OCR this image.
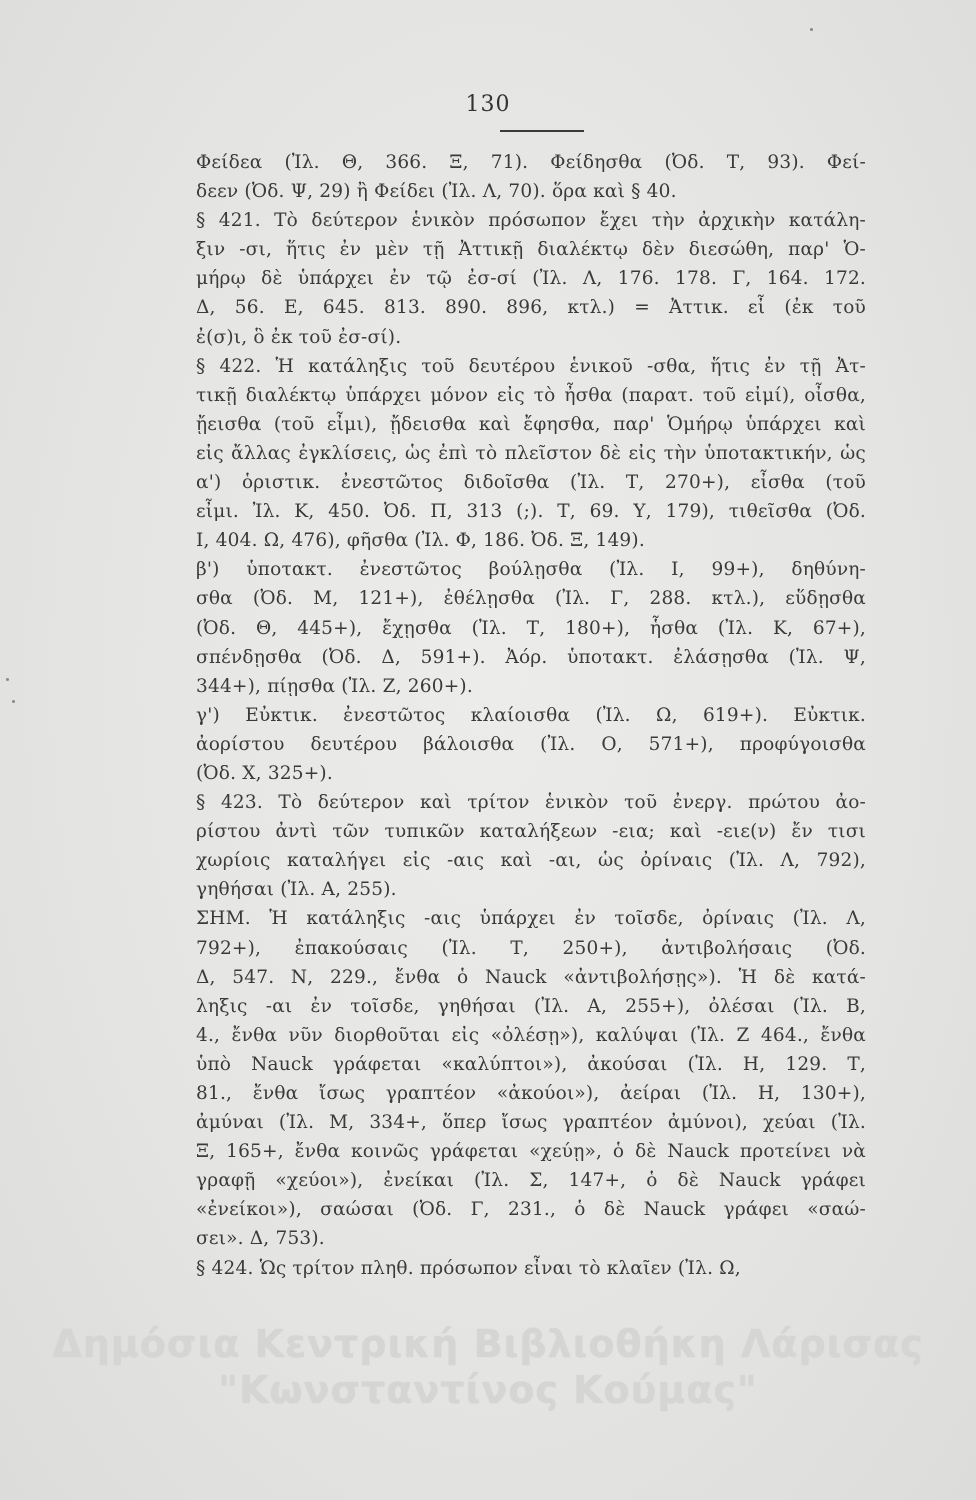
130
Φείδεα (Ἰλ. Θ, 366. Ξ, 71). Φείδησθα (Ὀδ. Τ, 93). Φεί-
δεεν (Ὀδ. Ψ, 29) ἢ Φείδει (Ἰλ. Λ, 70). ὅρα καὶ § 40.
§ 421. Τὸ δεύτερον ἑνικὸν πρόσωπον ἔχει τὴν ἀρχικὴν κατάλη-
ξιν -σι, ἥτις ἐν μὲν τῇ Ἀττικῇ διαλέκτῳ δὲν διεσώθη, παρ' Ὁ-
μήρῳ δὲ ὑπάρχει ἐν τῷ ἐσ-σί (Ἰλ. Λ, 176. 178. Γ, 164. 172.
Δ, 56. Ε, 645. 813. 890. 896, κτλ.) = Ἀττικ. εἶ (ἐκ τοῦ
ἐ(σ)ι, ὃ ἐκ τοῦ ἐσ-σί).
§ 422. Ἡ κατάληξις τοῦ δευτέρου ἑνικοῦ -σθα, ἥτις ἐν τῇ Ἀτ-
τικῇ διαλέκτῳ ὑπάρχει μόνον εἰς τὸ ἦσθα (παρατ. τοῦ εἰμί), οἶσθα,
ᾔεισθα (τοῦ εἶμι), ᾔδεισθα καὶ ἔφησθα, παρ' Ὁμήρῳ ὑπάρχει καὶ
εἰς ἄλλας ἐγκλίσεις, ὡς ἐπὶ τὸ πλεῖστον δὲ εἰς τὴν ὑποτακτικήν, ὡς
α') ὁριστικ. ἐνεστῶτος διδοῖσθα (Ἰλ. Τ, 270+), εἶσθα (τοῦ
εἶμι. Ἰλ. Κ, 450. Ὀδ. Π, 313 (;). Τ, 69. Υ, 179), τιθεῖσθα (Ὀδ.
Ι, 404. Ω, 476), φῆσθα (Ἰλ. Φ, 186. Ὀδ. Ξ, 149).
β') ὑποτακτ. ἐνεστῶτος βούλῃσθα (Ἰλ. Ι, 99+), δηθύνη-
σθα (Ὀδ. Μ, 121+), ἐθέλῃσθα (Ἰλ. Γ, 288. κτλ.), εὕδῃσθα
(Ὀδ. Θ, 445+), ἔχῃσθα (Ἰλ. Τ, 180+), ἧσθα (Ἰλ. Κ, 67+),
σπένδῃσθα (Ὀδ. Δ, 591+). Ἀόρ. ὑποτακτ. ἐλάσῃσθα (Ἰλ. Ψ,
344+), πίῃσθα (Ἰλ. Ζ, 260+).
γ') Εὐκτικ. ἐνεστῶτος κλαίοισθα (Ἰλ. Ω, 619+). Εὐκτικ.
ἀορίστου δευτέρου βάλοισθα (Ἰλ. Ο, 571+), προφύγοισθα
(Ὀδ. Χ, 325+).
§ 423. Τὸ δεύτερον καὶ τρίτον ἑνικὸν τοῦ ἐνεργ. πρώτου ἀο-
ρίστου ἀντὶ τῶν τυπικῶν καταλήξεων -εια; καὶ -ειε(ν) ἔν τισι
χωρίοις καταλήγει εἰς -αις καὶ -αι, ὡς ὀρίναις (Ἰλ. Λ, 792),
γηθήσαι (Ἰλ. Α, 255).
ΣΗΜ. Ἡ κατάληξις -αις ὑπάρχει ἐν τοῖσδε, ὀρίναις (Ἰλ. Λ,
792+), ἐπακούσαις (Ἰλ. Τ, 250+), ἀντιβολήσαις (Ὀδ.
Δ, 547. Ν, 229., ἔνθα ὁ Nauck «ἀντιβολήσῃς»). Ἡ δὲ κατά-
ληξις -αι ἐν τοῖσδε, γηθήσαι (Ἰλ. Α, 255+), ὀλέσαι (Ἰλ. Β,
4., ἔνθα νῦν διορθοῦται εἰς «ὀλέσῃ»), καλύψαι (Ἰλ. Ζ 464., ἔνθα
ὑπὸ Nauck γράφεται «καλύπτοι»), ἀκούσαι (Ἰλ. Η, 129. Τ,
81., ἔνθα ἴσως γραπτέον «ἀκούοι»), ἀείραι (Ἰλ. Η, 130+),
ἀμύναι (Ἰλ. Μ, 334+, ὅπερ ἴσως γραπτέον ἀμύνοι), χεύαι (Ἰλ.
Ξ, 165+, ἔνθα κοινῶς γράφεται «χεύῃ», ὁ δὲ Nauck προτείνει νὰ
γραφῇ «χεύοι»), ἐνείκαι (Ἰλ. Σ, 147+, ὁ δὲ Nauck γράφει
«ἐνείκοι»), σαώσαι (Ὀδ. Γ, 231., ὁ δὲ Nauck γράφει «σαώ-
σει». Δ, 753).
§ 424. Ὡς τρίτον πληθ. πρόσωπον εἶναι τὸ κλαῖεν (Ἰλ. Ω,
Δημόσια Κεντρική Βιβλιοθήκη Λάρισας
"Κωνσταντίνος Κούμας"
